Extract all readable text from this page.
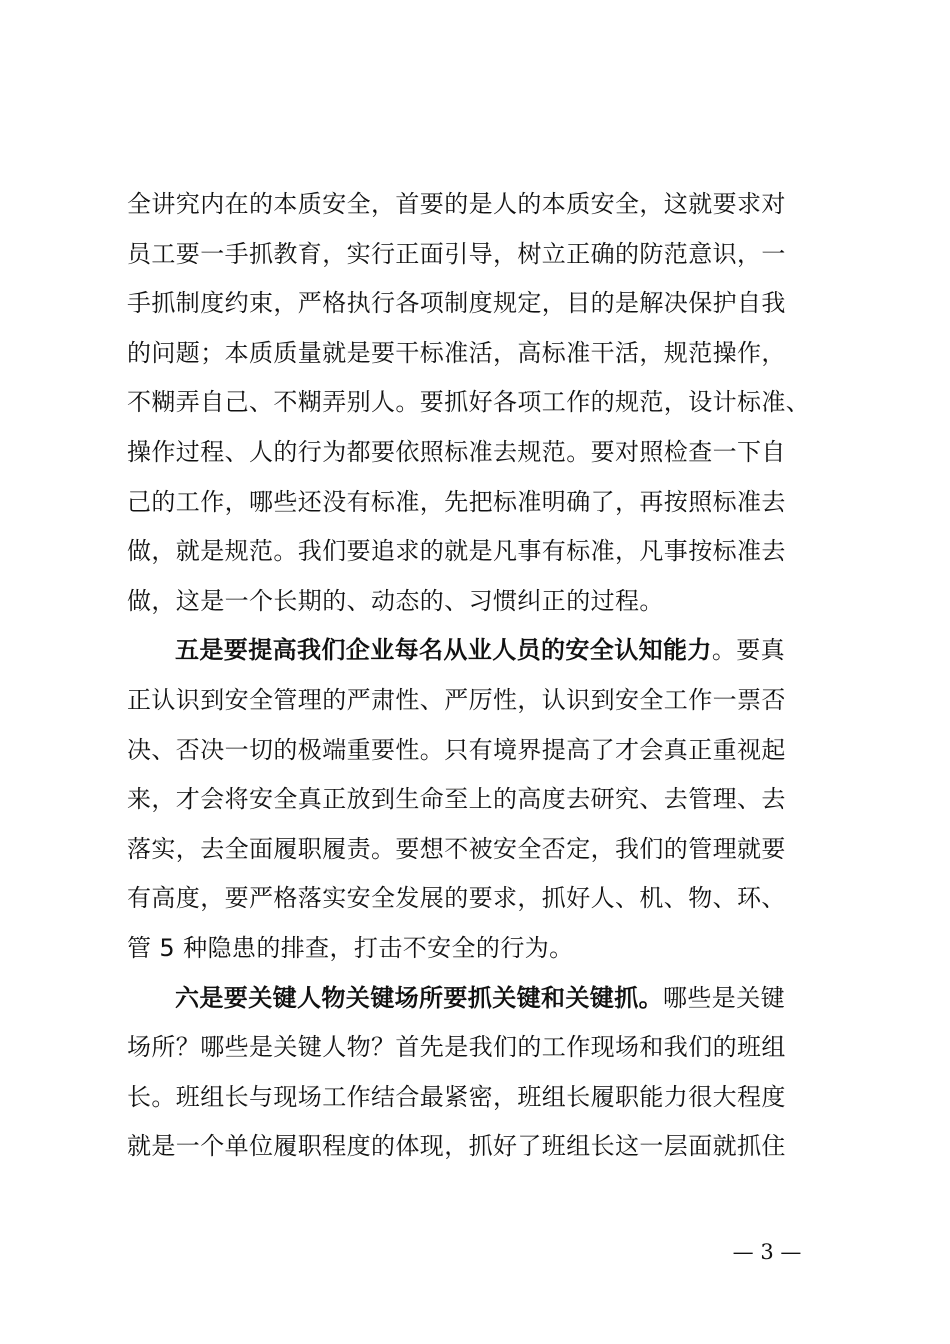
全讲究内在的本质安全，首要的是人的本质安全，这就要求对
员工要一手抓教育，实行正面引导，树立正确的防范意识，一
手抓制度约束，严格执行各项制度规定，目的是解决保护自我
的问题；本质质量就是要干标准活，高标准干活，规范操作，
不糊弄自己、不糊弄别人。要抓好各项工作的规范，设计标准、
操作过程、人的行为都要依照标准去规范。要对照检查一下自
己的工作，哪些还没有标准，先把标准明确了，再按照标准去
做，就是规范。我们要追求的就是凡事有标准，凡事按标准去
做，这是一个长期的、动态的、习惯纠正的过程。
五是要提高我们企业每名从业人员的安全认知能力。要真
正认识到安全管理的严肃性、严厉性，认识到安全工作一票否
决、否决一切的极端重要性。只有境界提高了才会真正重视起
来，才会将安全真正放到生命至上的高度去研究、去管理、去
落实，去全面履职履责。要想不被安全否定，我们的管理就要
有高度，要严格落实安全发展的要求，抓好人、机、物、环、
管 5 种隐患的排查，打击不安全的行为。
六是要关键人物关键场所要抓关键和关键抓。哪些是关键
场所？哪些是关键人物？首先是我们的工作现场和我们的班组
长。班组长与现场工作结合最紧密，班组长履职能力很大程度
就是一个单位履职程度的体现，抓好了班组长这一层面就抓住
— 3 —
